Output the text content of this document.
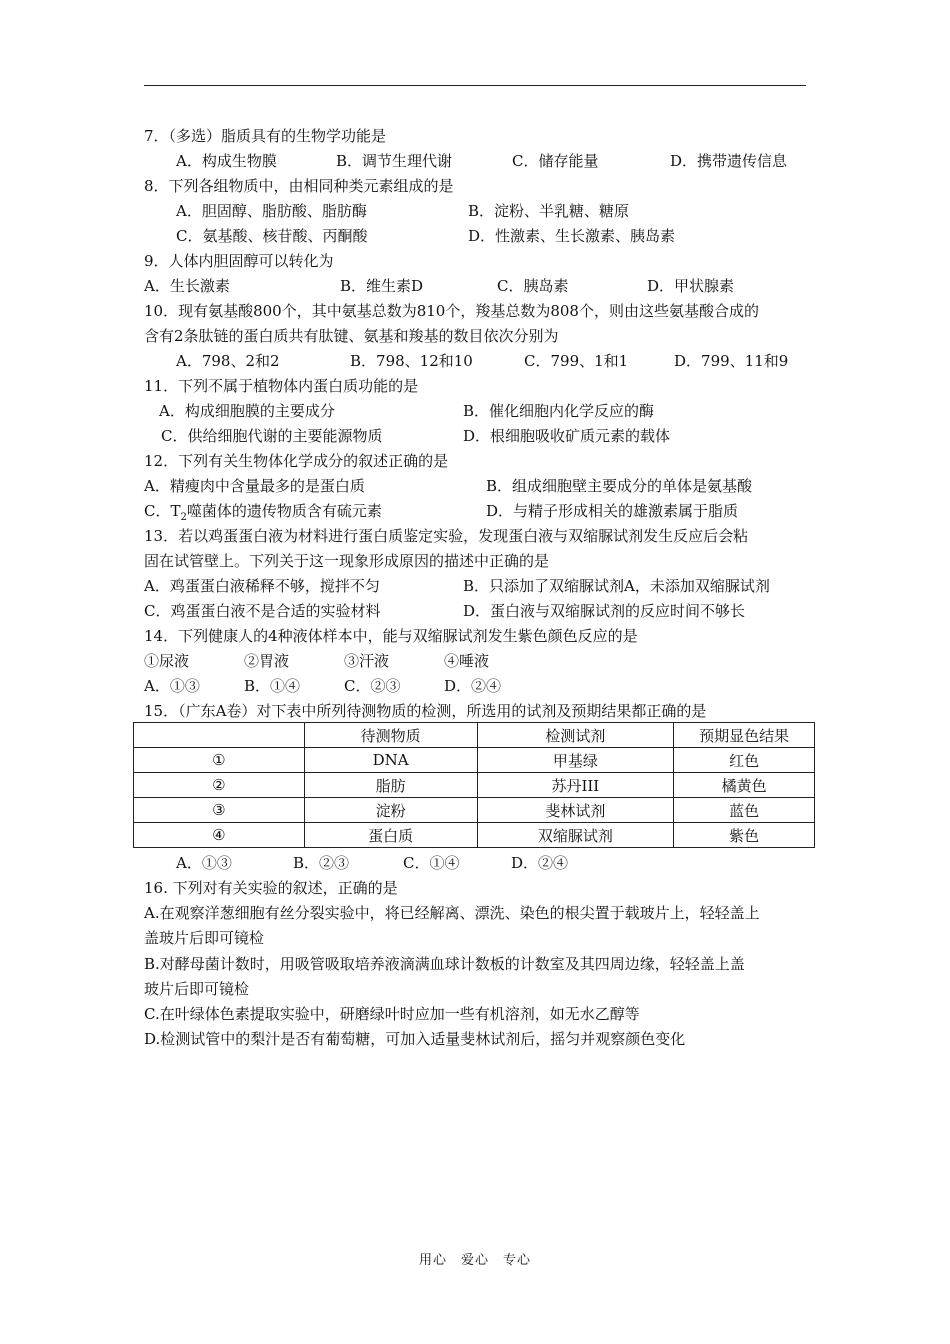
7．（多选）脂质具有的生物学功能是
A．构成生物膜	B．调节生理代谢	C．储存能量	D．携带遗传信息
8．下列各组物质中，由相同种类元素组成的是
A．胆固醇、脂肪酸、脂肪酶	B．淀粉、半乳糖、糖原
C．氨基酸、核苷酸、丙酮酸	D．性激素、生长激素、胰岛素
9．人体内胆固醇可以转化为
A．生长激素	B．维生素D	C．胰岛素	D．甲状腺素
10．现有氨基酸800个，其中氨基总数为810个，羧基总数为808个，则由这些氨基酸合成的
含有2条肽链的蛋白质共有肽键、氨基和羧基的数目依次分别为
A．798、2和2	B．798、12和10	C．799、1和1	D．799、11和9
11．下列不属于植物体内蛋白质功能的是
A．构成细胞膜的主要成分	B．催化细胞内化学反应的酶
C．供给细胞代谢的主要能源物质	D．根细胞吸收矿质元素的载体
12．下列有关生物体化学成分的叙述正确的是
A．精瘦肉中含量最多的是蛋白质	B．组成细胞壁主要成分的单体是氨基酸
C．$T_2$噬菌体的遗传物质含有硫元素	D．与精子形成相关的雄激素属于脂质
13．若以鸡蛋蛋白液为材料进行蛋白质鉴定实验，发现蛋白液与双缩脲试剂发生反应后会粘
固在试管壁上。下列关于这一现象形成原因的描述中正确的是
A．鸡蛋蛋白液稀释不够，搅拌不匀	B．只添加了双缩脲试剂A，未添加双缩脲试剂
C．鸡蛋蛋白液不是合适的实验材料	D．蛋白液与双缩脲试剂的反应时间不够长
14．下列健康人的4种液体样本中，能与双缩脲试剂发生紫色颜色反应的是
①尿液	②胃液	③汗液	④唾液
A．①③	B．①④	C．②③	D．②④
15．（广东A卷）对下表中所列待测物质的检测，所选用的试剂及预期结果都正确的是
	待测物质	检测试剂	预期显色结果
①	DNA	甲基绿	红色
②	脂肪	苏丹III	橘黄色
③	淀粉	斐林试剂	蓝色
④	蛋白质	双缩脲试剂	紫色
A．①③	B．②③	C．①④	D．②④
16. 下列对有关实验的叙述，正确的是
A.在观察洋葱细胞有丝分裂实验中，将已经解离、漂洗、染色的根尖置于载玻片上，轻轻盖上
盖玻片后即可镜检
B.对酵母菌计数时，用吸管吸取培养液滴满血球计数板的计数室及其四周边缘，轻轻盖上盖
玻片后即可镜检
C.在叶绿体色素提取实验中，研磨绿叶时应加一些有机溶剂，如无水乙醇等
D.检测试管中的梨汁是否有葡萄糖，可加入适量斐林试剂后，摇匀并观察颜色变化
用心　爱心　专心
